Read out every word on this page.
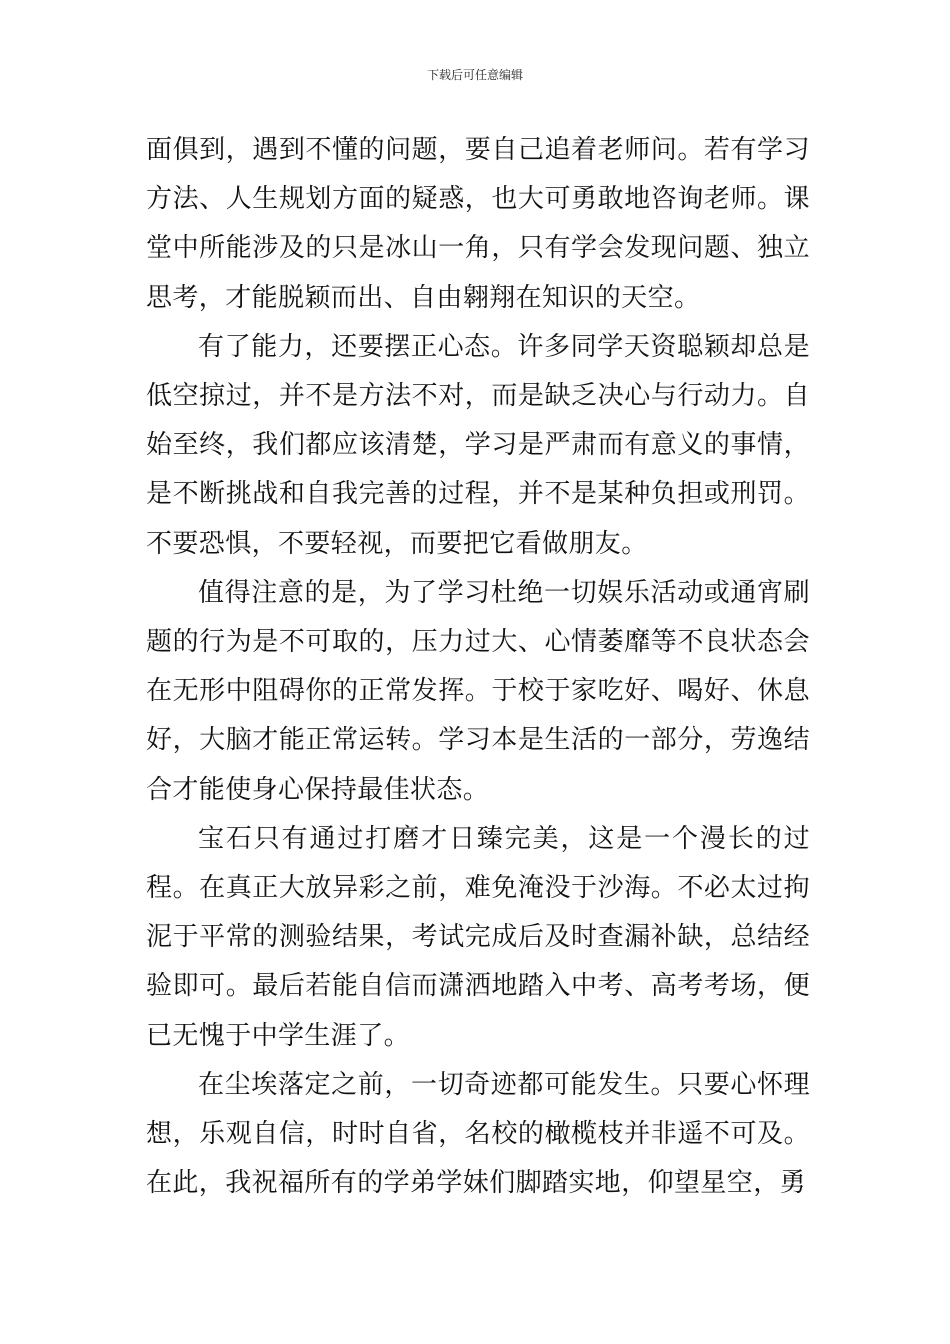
下载后可任意编辑

面俱到，遇到不懂的问题，要自己追着老师问。若有学习方法、人生规划方面的疑惑，也大可勇敢地咨询老师。课堂中所能涉及的只是冰山一角，只有学会发现问题、独立思考，才能脱颖而出、自由翱翔在知识的天空。

有了能力，还要摆正心态。许多同学天资聪颖却总是低空掠过，并不是方法不对，而是缺乏决心与行动力。自始至终，我们都应该清楚，学习是严肃而有意义的事情，是不断挑战和自我完善的过程，并不是某种负担或刑罚。不要恐惧，不要轻视，而要把它看做朋友。

值得注意的是，为了学习杜绝一切娱乐活动或通宵刷题的行为是不可取的，压力过大、心情萎靡等不良状态会在无形中阻碍你的正常发挥。于校于家吃好、喝好、休息好，大脑才能正常运转。学习本是生活的一部分，劳逸结合才能使身心保持最佳状态。

宝石只有通过打磨才日臻完美，这是一个漫长的过程。在真正大放异彩之前，难免淹没于沙海。不必太过拘泥于平常的测验结果，考试完成后及时查漏补缺，总结经验即可。最后若能自信而潇洒地踏入中考、高考考场，便已无愧于中学生涯了。

在尘埃落定之前，一切奇迹都可能发生。只要心怀理想，乐观自信，时时自省，名校的橄榄枝并非遥不可及。在此，我祝福所有的学弟学妹们脚踏实地，仰望星空，勇
